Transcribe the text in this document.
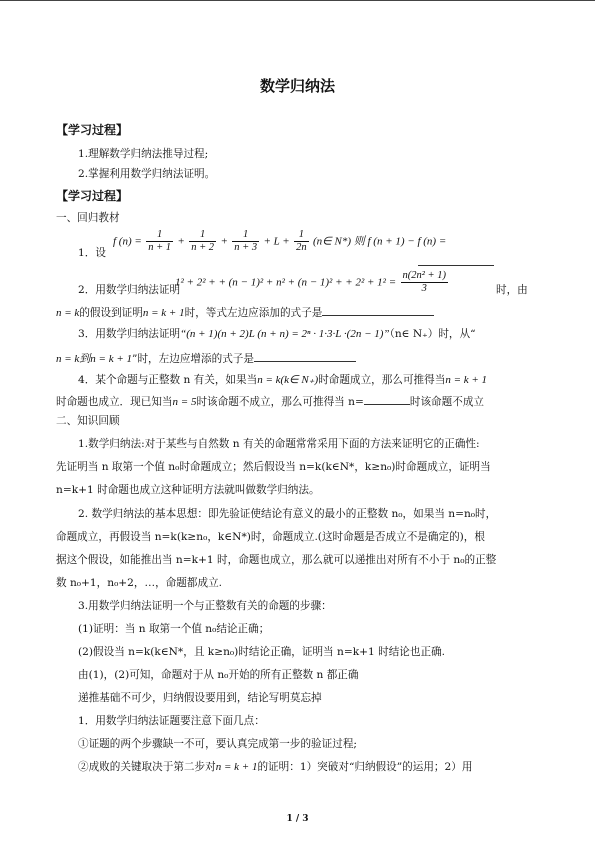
数学归纳法
【学习过程】
1.理解数学归纳法推导过程;
2.掌握利用数学归纳法证明。
【学习过程】
一、回归教材
1．设
f $(n) = \frac{1}{n + 1} + \frac{1}{n + 2} + \frac{1}{n + 3} + L + \frac{1}{2n}$ (n∈ N*) 则 f (n + 1) − f (n) =
1² + 2² + + (n − 1)² + n² + (n − 1)² + + $2^2 + 1^2 = \frac{\text{n(2n² + 1)}}{3}$
2．用数学归纳法证明	时，由
n = k的假设到证明n = k + 1时，等式左边应添加的式子是
3．用数学归纳法证明“(n + 1)(n + 2)L (n + n) = 2ⁿ · 1·3·L ·(2n − 1)”（n∈ N₊）时，从“
n = k到n = k + 1”时，左边应增添的式子是
4．某个命题与正整数 n 有关，如果当n = k(k∈ N₊)时命题成立，那么可推得当n = k + 1
时命题也成立．现已知当n = 5时该命题不成立，那么可推得当 n=	时该命题不成立
二、知识回顾
1.数学归纳法:对于某些与自然数 n 有关的命题常常采用下面的方法来证明它的正确性:
先证明当 n 取第一个值 n₀时命题成立；然后假设当 n=k(k∈N*，k≥n₀)时命题成立，证明当
n=k+1 时命题也成立这种证明方法就叫做数学归纳法。
2. 数学归纳法的基本思想：即先验证使结论有意义的最小的正整数 n₀，如果当 n=n₀时，
命题成立，再假设当 n=k(k≥n₀，k∈N*)时，命题成立.(这时命题是否成立不是确定的)，根
据这个假设，如能推出当 n=k+1 时，命题也成立，那么就可以递推出对所有不小于 n₀的正整
数 n₀+1，n₀+2，…，命题都成立.
3.用数学归纳法证明一个与正整数有关的命题的步骤：
(1)证明：当 n 取第一个值 n₀结论正确；
(2)假设当 n=k(k∈N*，且 k≥n₀)时结论正确，证明当 n=k+1 时结论也正确.
由(1)，(2)可知，命题对于从 n₀开始的所有正整数 n 都正确
递推基础不可少，归纳假设要用到，结论写明莫忘掉
1．用数学归纳法证题要注意下面几点：
①证题的两个步骤缺一不可，要认真完成第一步的验证过程;
②成败的关键取决于第二步对n = k + 1的证明：1）突破对“归纳假设”的运用；2）用
1 / 3
